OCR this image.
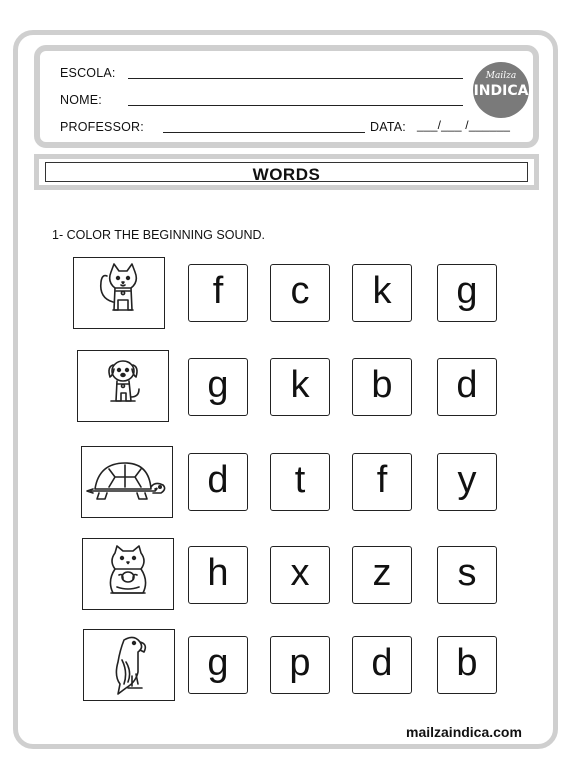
ESCOLA:
NOME:
PROFESSOR:	DATA: ___/___ /______
Mailza
INDICA
WORDS
1- COLOR THE BEGINNING SOUND.
f	c	k	g
g	k	b	d
d	t	f	y
h	x	z	s
g	p	d	b
mailzaindica.com
